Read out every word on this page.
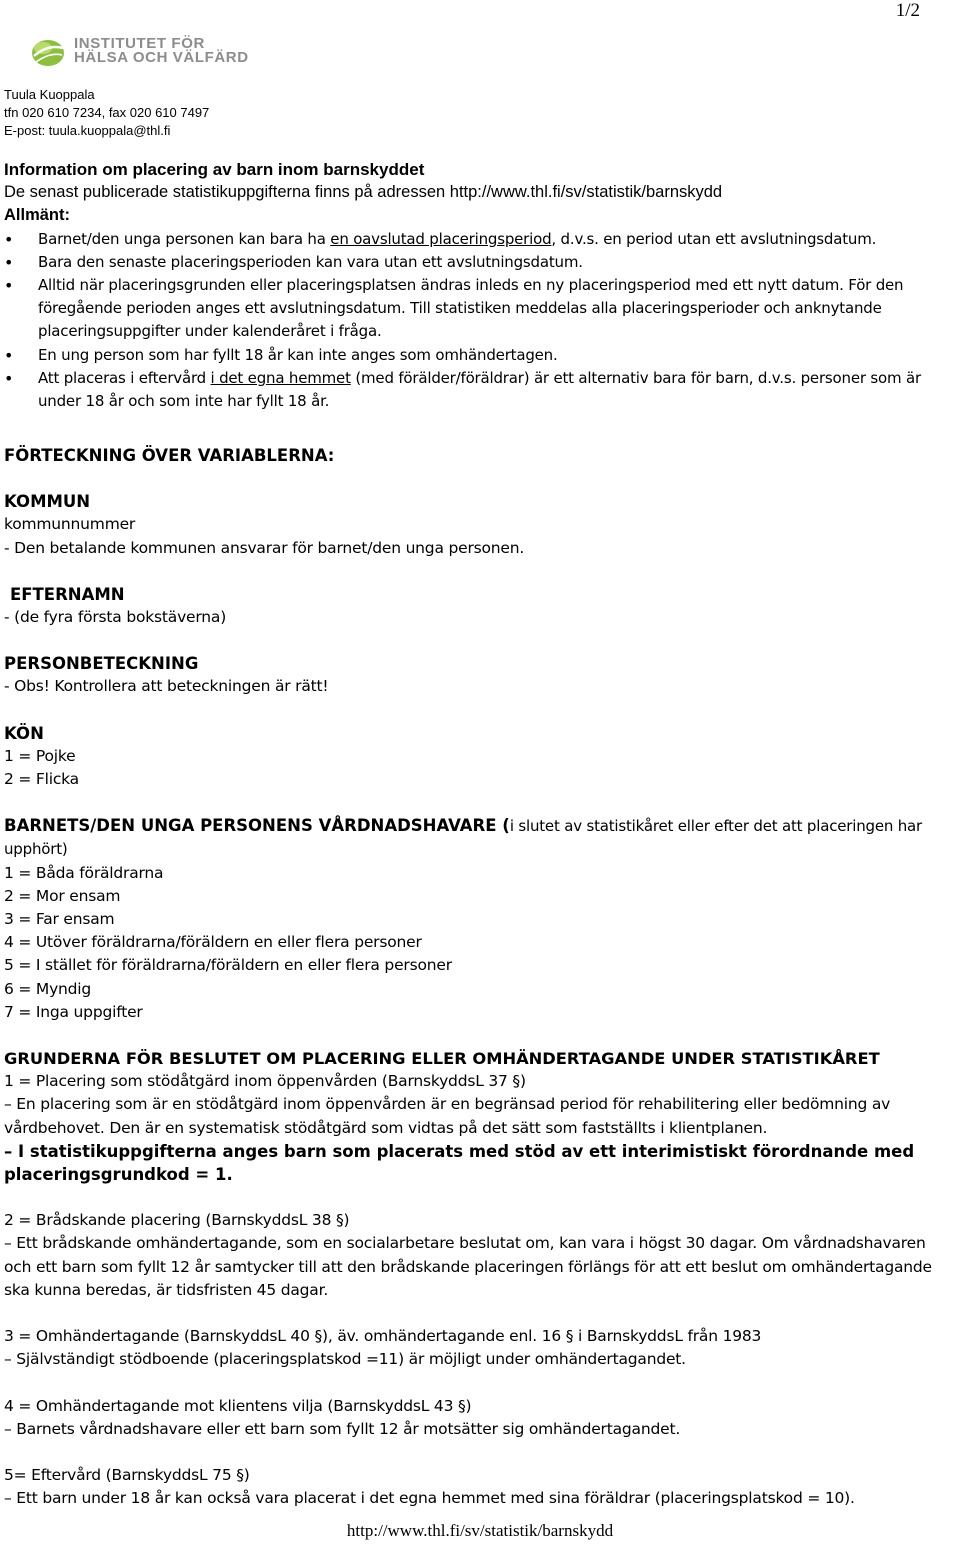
1/2
INSTITUTET FÖR
HÄLSA OCH VÄLFÄRD
Tuula Kuoppala
tfn 020 610 7234, fax 020 610 7497
E-post: tuula.kuoppala@thl.fi
Information om placering av barn inom barnskyddet
De senast publicerade statistikuppgifterna finns på adressen http://www.thl.fi/sv/statistik/barnskydd
Allmänt:
• Barnet/den unga personen kan bara ha en oavslutad placeringsperiod, d.v.s. en period utan ett avslutningsdatum.
• Bara den senaste placeringsperioden kan vara utan ett avslutningsdatum.
• Alltid när placeringsgrunden eller placeringsplatsen ändras inleds en ny placeringsperiod med ett nytt datum. För den föregående perioden anges ett avslutningsdatum. Till statistiken meddelas alla placeringsperioder och anknytande placeringsuppgifter under kalenderåret i fråga.
• En ung person som har fyllt 18 år kan inte anges som omhändertagen.
• Att placeras i eftervård i det egna hemmet (med förälder/föräldrar) är ett alternativ bara för barn, d.v.s. personer som är under 18 år och som inte har fyllt 18 år.
FÖRTECKNING ÖVER VARIABLERNA:
KOMMUN
kommunnummer
- Den betalande kommunen ansvarar för barnet/den unga personen.
EFTERNAMN
- (de fyra första bokstäverna)
PERSONBETECKNING
- Obs! Kontrollera att beteckningen är rätt!
KÖN
1 = Pojke
2 = Flicka
BARNETS/DEN UNGA PERSONENS VÅRDNADSHAVARE (i slutet av statistikåret eller efter det att placeringen har upphört)
1 = Båda föräldrarna
2 = Mor ensam
3 = Far ensam
4 = Utöver föräldrarna/föräldern en eller flera personer
5 = I stället för föräldrarna/föräldern en eller flera personer
6 = Myndig
7 = Inga uppgifter
GRUNDERNA FÖR BESLUTET OM PLACERING ELLER OMHÄNDERTAGANDE UNDER STATISTIKÅRET
1 = Placering som stödåtgärd inom öppenvården (BarnskyddsL 37 §)
– En placering som är en stödåtgärd inom öppenvården är en begränsad period för rehabilitering eller bedömning av vårdbehovet. Den är en systematisk stödåtgärd som vidtas på det sätt som fastställts i klientplanen.
– I statistikuppgifterna anges barn som placerats med stöd av ett interimistiskt förordnande med placeringsgrundkod = 1.
2 = Brådskande placering (BarnskyddsL 38 §)
– Ett brådskande omhändertagande, som en socialarbetare beslutat om, kan vara i högst 30 dagar. Om vårdnadshavaren och ett barn som fyllt 12 år samtycker till att den brådskande placeringen förlängs för att ett beslut om omhändertagande ska kunna beredas, är tidsfristen 45 dagar.
3 = Omhändertagande (BarnskyddsL 40 §), äv. omhändertagande enl. 16 § i BarnskyddsL från 1983
– Självständigt stödboende (placeringsplatskod =11) är möjligt under omhändertagandet.
4 = Omhändertagande mot klientens vilja (BarnskyddsL 43 §)
– Barnets vårdnadshavare eller ett barn som fyllt 12 år motsätter sig omhändertagandet.
5= Eftervård (BarnskyddsL 75 §)
– Ett barn under 18 år kan också vara placerat i det egna hemmet med sina föräldrar (placeringsplatskod = 10).
http://www.thl.fi/sv/statistik/barnskydd
